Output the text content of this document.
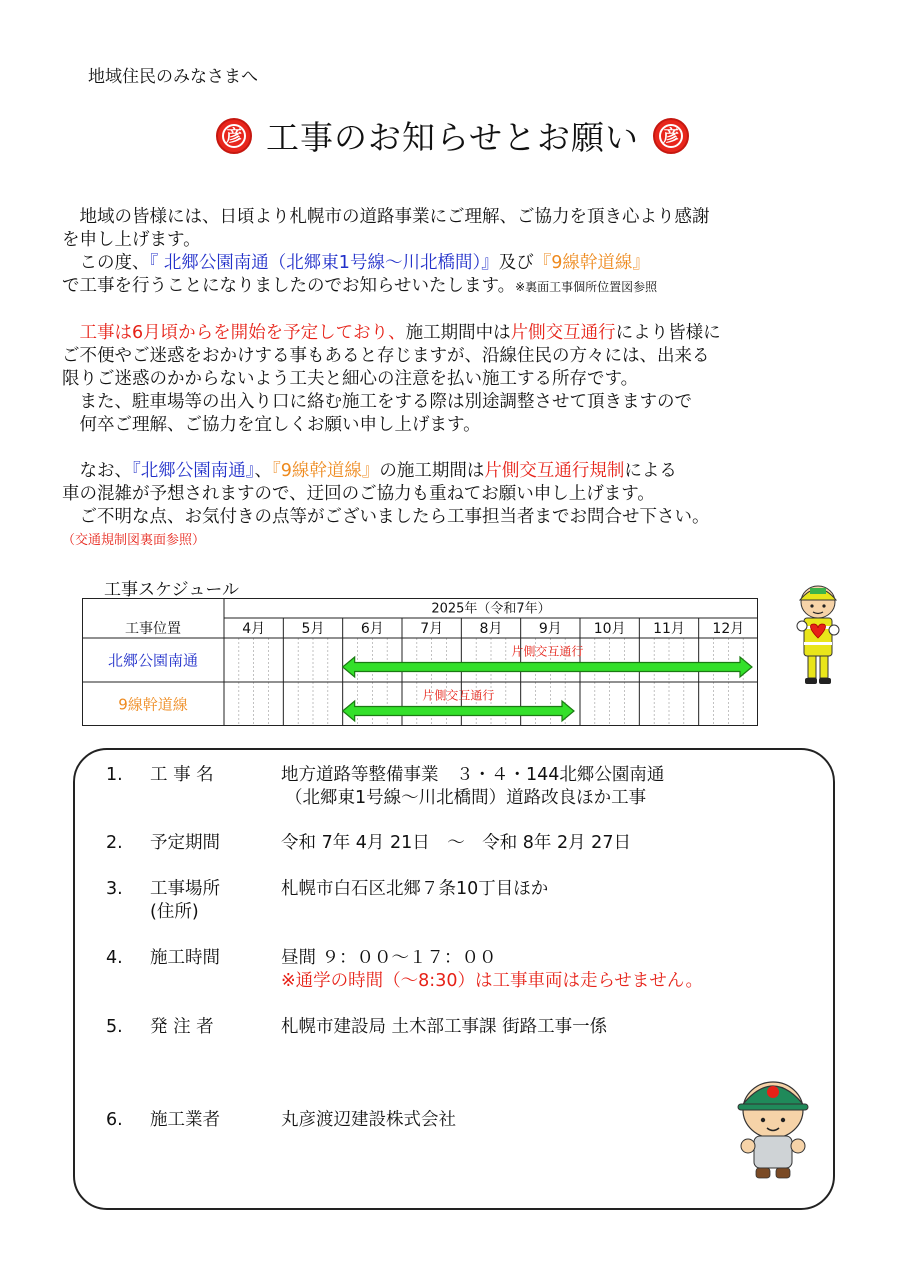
地域住民のみなさまへ
彦 工事のお知らせとお願い	彦

　地域の皆様には、日頃より札幌市の道路事業にご理解、ご協力を頂き心より感謝

を申し上げます。

　この度、『 北郷公園南通（北郷東1号線～川北橋間）』及び『9線幹道線』

で工事を行うことになりましたのでお知らせいたします。※裏面工事個所位置図参照

　工事は6月頃からを開始を予定しており、施工期間中は片側交互通行により皆様に

ご不便やご迷惑をおかけする事もあると存じますが、沿線住民の方々には、出来る

限りご迷惑のかからないよう工夫と細心の注意を払い施工する所存です。

　また、駐車場等の出入り口に絡む施工をする際は別途調整させて頂きますので

　何卒ご理解、ご協力を宜しくお願い申し上げます。

　なお、『北郷公園南通』、『9線幹道線』の施工期間は片側交互通行規制による

車の混雑が予想されますので、迂回のご協力も重ねてお願い申し上げます。

　ご不明な点、お気付きの点等がございましたら工事担当者までお問合せ下さい。

（交通規制図裏面参照）

工事スケジュール
2025年（令和7年）
工事位置	4月	5月	6月	7月	8月	9月 10月 11月 12月
北郷公園南通	片側交互通行
9線幹道線	片側交互通行
1.	工 事 名	地方道路等整備事業　３・４・144北郷公園南通
（北郷東1号線～川北橋間）道路改良ほか工事
2.	予定期間	令和 7年 4月 21日　～　令和 8年 2月 27日
3.	工事場所
(住所)
札幌市白石区北郷７条10丁目ほか
4.	施工時間	昼間 ９：００～１７：００
※通学の時間（～8:30）は工事車両は走らせません。
5.	発 注 者	札幌市建設局 土木部工事課 街路工事一係
6.	施工業者	丸彦渡辺建設株式会社
